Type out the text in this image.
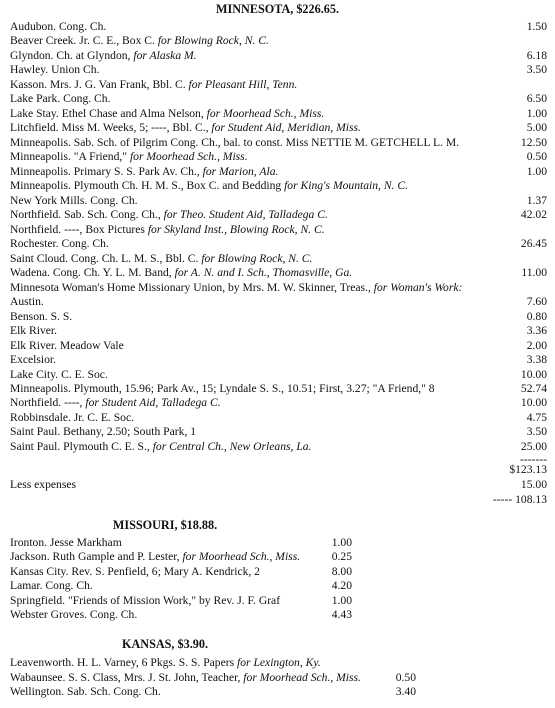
MINNESOTA, $226.65.
Audubon. Cong. Ch.	1.50
Beaver Creek. Jr. C. E., Box C. for Blowing Rock, N. C.
Glyndon. Ch. at Glyndon, for Alaska M.	6.18
Hawley. Union Ch.	3.50
Kasson. Mrs. J. G. Van Frank, Bbl. C. for Pleasant Hill, Tenn.
Lake Park. Cong. Ch.	6.50
Lake Stay. Ethel Chase and Alma Nelson, for Moorhead Sch., Miss.	1.00
Litchfield. Miss M. Weeks, 5; ----, Bbl. C., for Student Aid, Meridian, Miss.	5.00
Minneapolis. Sab. Sch. of Pilgrim Cong. Ch., bal. to const. Miss NETTIE M. GETCHELL L. M.	12.50
Minneapolis. "A Friend," for Moorhead Sch., Miss.	0.50
Minneapolis. Primary S. S. Park Av. Ch., for Marion, Ala.	1.00
Minneapolis. Plymouth Ch. H. M. S., Box C. and Bedding for King's Mountain, N. C.
New York Mills. Cong. Ch.	1.37
Northfield. Sab. Sch. Cong. Ch., for Theo. Student Aid, Talladega C.	42.02
Northfield. ----, Box Pictures for Skyland Inst., Blowing Rock, N. C.
Rochester. Cong. Ch.	26.45
Saint Cloud. Cong. Ch. L. M. S., Bbl. C. for Blowing Rock, N. C.
Wadena. Cong. Ch. Y. L. M. Band, for A. N. and I. Sch., Thomasville, Ga.	11.00
Minnesota Woman's Home Missionary Union, by Mrs. M. W. Skinner, Treas., for Woman's Work:
Austin.	7.60
Benson. S. S.	0.80
Elk River.	3.36
Elk River. Meadow Vale	2.00
Excelsior.	3.38
Lake City. C. E. Soc.	10.00
Minneapolis. Plymouth, 15.96; Park Av., 15; Lyndale S. S., 10.51; First, 3.27; "A Friend," 8	52.74
Northfield. ----, for Student Aid, Talladega C.	10.00
Robbinsdale. Jr. C. E. Soc.	4.75
Saint Paul. Bethany, 2.50; South Park, 1	3.50
Saint Paul. Plymouth C. E. S., for Central Ch., New Orleans, La.	25.00
-------
$123.13
Less expenses	15.00
----- 108.13
MISSOURI, $18.88.
Ironton. Jesse Markham	1.00
Jackson. Ruth Gample and P. Lester, for Moorhead Sch., Miss.	0.25
Kansas City. Rev. S. Penfield, 6; Mary A. Kendrick, 2	8.00
Lamar. Cong. Ch.	4.20
Springfield. "Friends of Mission Work," by Rev. J. F. Graf	1.00
Webster Groves. Cong. Ch.	4.43
KANSAS, $3.90.
Leavenworth. H. L. Varney, 6 Pkgs. S. S. Papers for Lexington, Ky.
Wabaunsee. S. S. Class, Mrs. J. St. John, Teacher, for Moorhead Sch., Miss.	0.50
Wellington. Sab. Sch. Cong. Ch.	3.40
